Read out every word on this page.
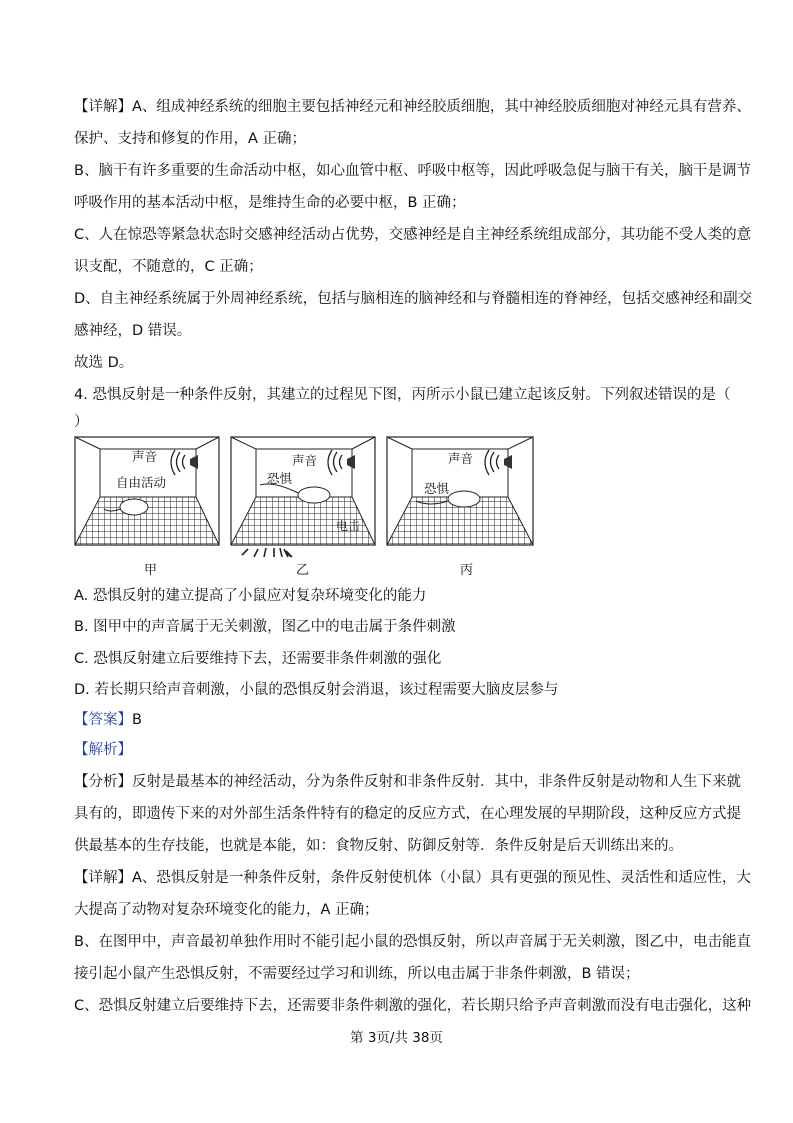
【详解】A、组成神经系统的细胞主要包括神经元和神经胶质细胞，其中神经胶质细胞对神经元具有营养、
保护、支持和修复的作用，A 正确；
B、脑干有许多重要的生命活动中枢，如心血管中枢、呼吸中枢等，因此呼吸急促与脑干有关，脑干是调节
呼吸作用的基本活动中枢，是维持生命的必要中枢，B 正确；
C、人在惊恐等紧急状态时交感神经活动占优势，交感神经是自主神经系统组成部分，其功能不受人类的意
识支配，不随意的，C 正确；
D、自主神经系统属于外周神经系统，包括与脑相连的脑神经和与脊髓相连的脊神经，包括交感神经和副交
感神经，D 错误。
故选 D。
4. 恐惧反射是一种条件反射，其建立的过程见下图，丙所示小鼠已建立起该反射。下列叙述错误的是（
）
声音
自由活动
甲
声音
恐惧
电击
乙
声音
恐惧
丙
A. 恐惧反射的建立提高了小鼠应对复杂环境变化的能力
B. 图甲中的声音属于无关刺激，图乙中的电击属于条件刺激
C. 恐惧反射建立后要维持下去，还需要非条件刺激的强化
D. 若长期只给声音刺激，小鼠的恐惧反射会消退，该过程需要大脑皮层参与
【答案】B
【解析】
【分析】反射是最基本的神经活动，分为条件反射和非条件反射．其中，非条件反射是动物和人生下来就
具有的，即遗传下来的对外部生活条件特有的稳定的反应方式，在心理发展的早期阶段，这种反应方式提
供最基本的生存技能，也就是本能，如：食物反射、防御反射等．条件反射是后天训练出来的。
【详解】A、恐惧反射是一种条件反射，条件反射使机体（小鼠）具有更强的预见性、灵活性和适应性，大
大提高了动物对复杂环境变化的能力，A 正确；
B、在图甲中，声音最初单独作用时不能引起小鼠的恐惧反射，所以声音属于无关刺激，图乙中，电击能直
接引起小鼠产生恐惧反射，不需要经过学习和训练，所以电击属于非条件刺激，B 错误；
C、恐惧反射建立后要维持下去，还需要非条件刺激的强化，若长期只给予声音刺激而没有电击强化，这种
第 3页/共 38页
